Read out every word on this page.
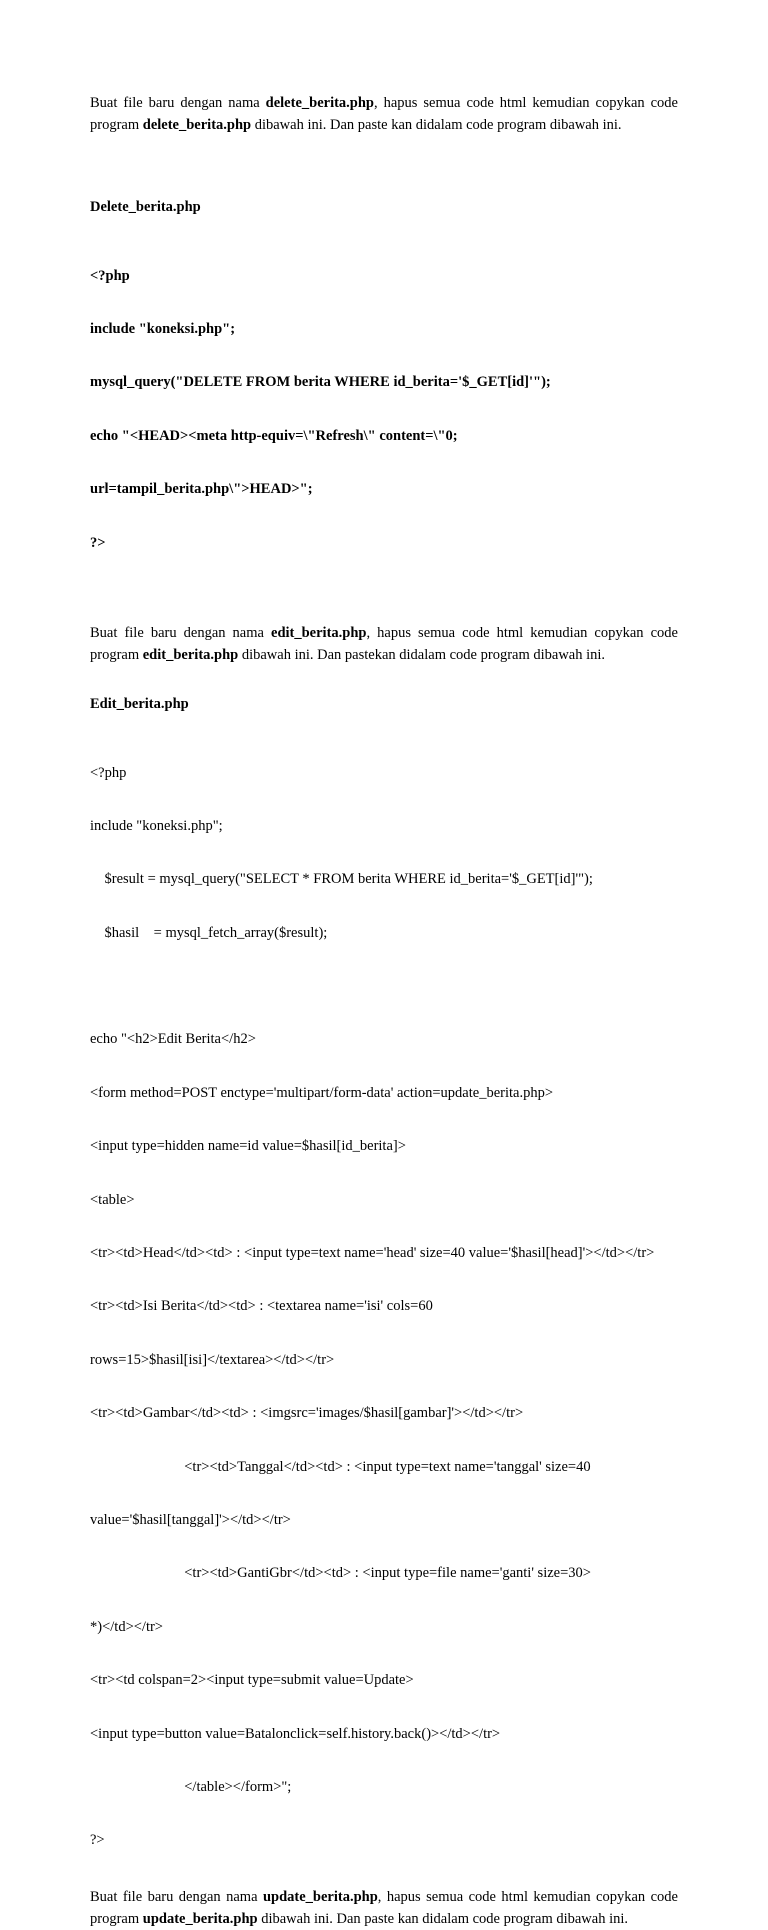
Buat file baru dengan nama delete_berita.php, hapus semua code html kemudian copykan code program delete_berita.php dibawah ini. Dan paste kan didalam code program dibawah ini.

Delete_berita.php

<?php

include "koneksi.php";

mysql_query("DELETE FROM berita WHERE id_berita='$_GET[id]'");

echo "<HEAD><meta http-equiv=\"Refresh\" content=\"0;

url=tampil_berita.php\">HEAD>";

?>

Buat file baru dengan nama edit_berita.php, hapus semua code html kemudian copykan code program edit_berita.php dibawah ini. Dan pastekan didalam code program dibawah ini.

Edit_berita.php

<?php

include "koneksi.php";

$result = mysql_query("SELECT * FROM berita WHERE id_berita='$_GET[id]'");

$hasil    = mysql_fetch_array($result);

echo "<h2>Edit Berita</h2>

<form method=POST enctype='multipart/form-data' action=update_berita.php>

<input type=hidden name=id value=$hasil[id_berita]>

<table>

<tr><td>Head</td><td> : <input type=text name='head' size=40 value='$hasil[head]'></td></tr>

<tr><td>Isi Berita</td><td> : <textarea name='isi' cols=60

rows=15>$hasil[isi]</textarea></td></tr>

<tr><td>Gambar</td><td> : <imgsrc='images/$hasil[gambar]'></td></tr>

<tr><td>Tanggal</td><td> : <input type=text name='tanggal' size=40

value='$hasil[tanggal]'></td></tr>

<tr><td>GantiGbr</td><td> : <input type=file name='ganti' size=30>

*)</td></tr>

<tr><td colspan=2><input type=submit value=Update>

<input type=button value=Batalonclick=self.history.back()></td></tr>

</table></form>";

?>

Buat file baru dengan nama update_berita.php, hapus semua code html kemudian copykan code program update_berita.php dibawah ini. Dan paste kan didalam code program dibawah ini.
